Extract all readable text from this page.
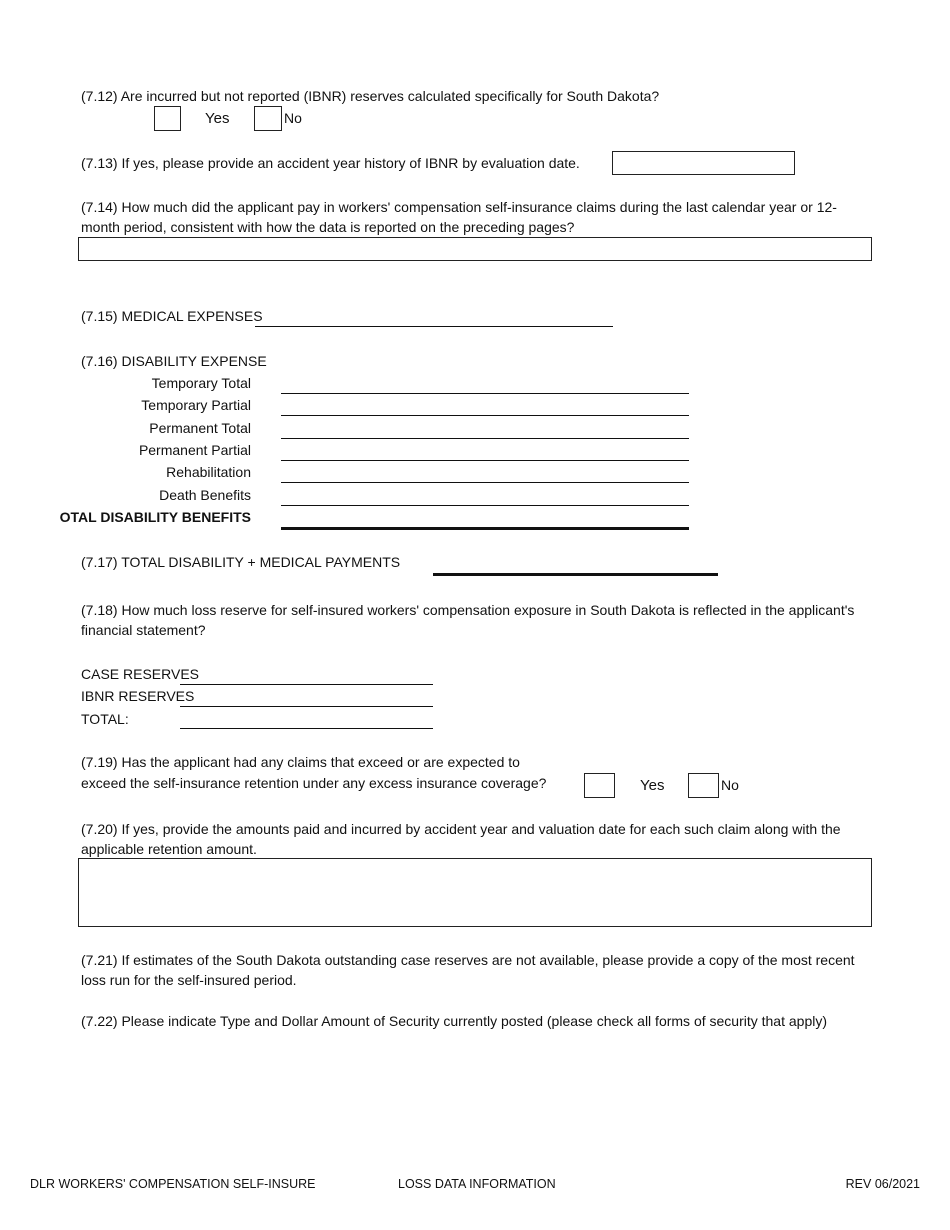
(7.12) Are incurred but not reported (IBNR) reserves calculated specifically for South Dakota?
Yes	No
(7.13) If yes, please provide an accident year history of IBNR by evaluation date.
(7.14) How much did the applicant pay in workers' compensation self-insurance claims during the last calendar year or 12-month period, consistent with how the data is reported on the preceding pages?
(7.15) MEDICAL EXPENSES
(7.16) DISABILITY EXPENSE
Temporary Total
Temporary Partial
Permanent Total
Permanent Partial
Rehabilitation
Death Benefits
OTAL DISABILITY BENEFITS
(7.17) TOTAL DISABILITY + MEDICAL PAYMENTS
(7.18) How much loss reserve for self-insured workers' compensation exposure in South Dakota is reflected in the applicant's financial statement?
CASE RESERVES
IBNR RESERVES
TOTAL:
(7.19) Has the applicant had any claims that exceed or are expected to
exceed the self-insurance retention under any excess insurance coverage?	Yes	No
(7.20) If yes, provide the amounts paid and incurred by accident year and valuation date for each such claim along with the applicable retention amount.
(7.21) If estimates of the South Dakota outstanding case reserves are not available, please provide a copy of the most recent loss run for the self-insured period.
(7.22) Please indicate Type and Dollar Amount of Security currently posted (please check all forms of security that apply)
DLR WORKERS' COMPENSATION SELF-INSURE	LOSS DATA INFORMATION	REV 06/2021
